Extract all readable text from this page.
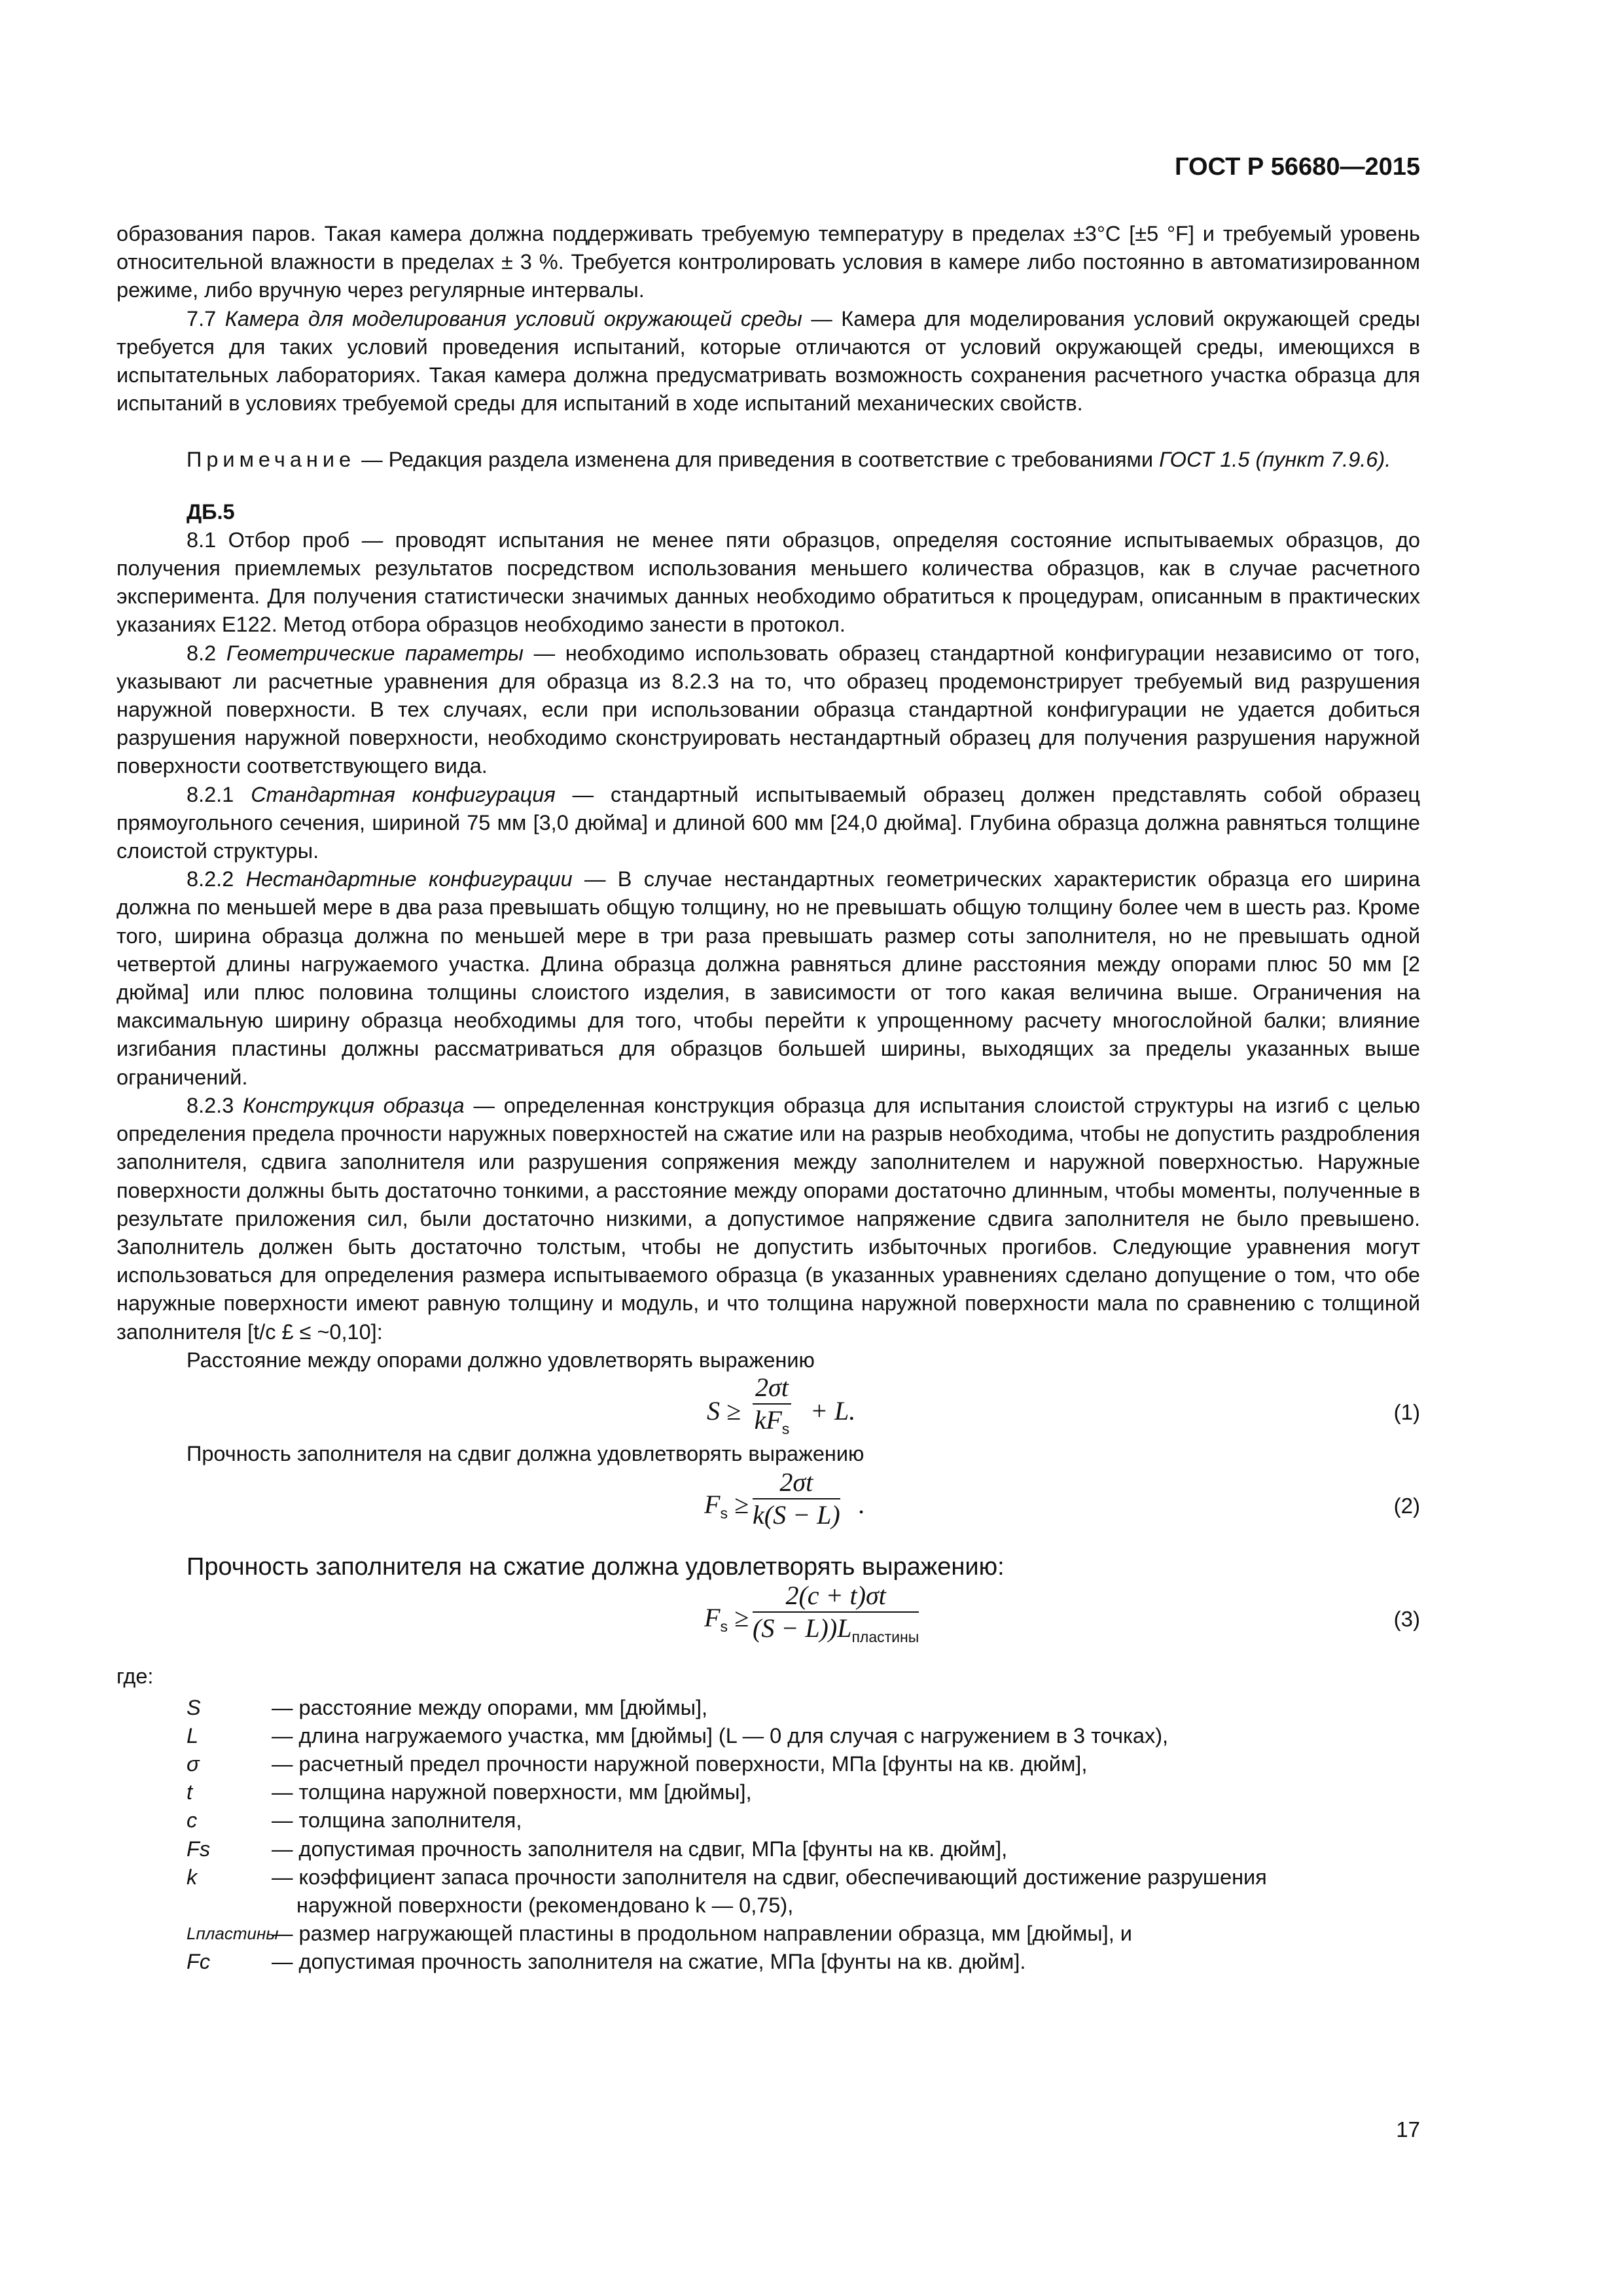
ГОСТ Р 56680—2015

образования паров. Такая камера должна поддерживать требуемую температуру в пределах ±3°С [±5 °F] и требуемый уровень относительной влажности в пределах ± 3 %. Требуется контролировать условия в камере либо постоянно в автоматизированном режиме, либо вручную через регулярные интервалы.

7.7 Камера для моделирования условий окружающей среды — Камера для моделирования условий окружающей среды требуется для таких условий проведения испытаний, которые отличаются от условий окружающей среды, имеющихся в испытательных лабораториях. Такая камера должна предусматривать возможность сохранения расчетного участка образца для испытаний в условиях требуемой среды для испытаний в ходе испытаний механических свойств.

Примечание — Редакция раздела изменена для приведения в соответствие с требованиями ГОСТ 1.5 (пункт 7.9.6).

ДБ.5

8.1 Отбор проб — проводят испытания не менее пяти образцов, определяя состояние испытываемых образцов, до получения приемлемых результатов посредством использования меньшего количества образцов, как в случае расчетного эксперимента. Для получения статистически значимых данных необходимо обратиться к процедурам, описанным в практических указаниях Е122. Метод отбора образцов необходимо занести в протокол.

8.2 Геометрические параметры — необходимо использовать образец стандартной конфигурации независимо от того, указывают ли расчетные уравнения для образца из 8.2.3 на то, что образец продемонстрирует требуемый вид разрушения наружной поверхности. В тех случаях, если при использовании образца стандартной конфигурации не удается добиться разрушения наружной поверхности, необходимо сконструировать нестандартный образец для получения разрушения наружной поверхности соответствующего вида.

8.2.1 Стандартная конфигурация — стандартный испытываемый образец должен представлять собой образец прямоугольного сечения, шириной 75 мм [3,0 дюйма] и длиной 600 мм [24,0 дюйма]. Глубина образца должна равняться толщине слоистой структуры.

8.2.2 Нестандартные конфигурации — В случае нестандартных геометрических характеристик образца его ширина должна по меньшей мере в два раза превышать общую толщину, но не превышать общую толщину более чем в шесть раз. Кроме того, ширина образца должна по меньшей мере в три раза превышать размер соты заполнителя, но не превышать одной четвертой длины нагружаемого участка. Длина образца должна равняться длине расстояния между опорами плюс 50 мм [2 дюйма] или плюс половина толщины слоистого изделия, в зависимости от того какая величина выше. Ограничения на максимальную ширину образца необходимы для того, чтобы перейти к упрощенному расчету многослойной балки; влияние изгибания пластины должны рассматриваться для образцов большей ширины, выходящих за пределы указанных выше ограничений.

8.2.3 Конструкция образца — определенная конструкция образца для испытания слоистой структуры на изгиб с целью определения предела прочности наружных поверхностей на сжатие или на разрыв необходима, чтобы не допустить раздробления заполнителя, сдвига заполнителя или разрушения сопряжения между заполнителем и наружной поверхностью. Наружные поверхности должны быть достаточно тонкими, а расстояние между опорами достаточно длинным, чтобы моменты, полученные в результате приложения сил, были достаточно низкими, а допустимое напряжение сдвига заполнителя не было превышено. Заполнитель должен быть достаточно толстым, чтобы не допустить избыточных прогибов. Следующие уравнения могут использоваться для определения размера испытываемого образца (в указанных уравнениях сделано допущение о том, что обе наружные поверхности имеют равную толщину и модуль, и что толщина наружной поверхности мала по сравнению с толщиной заполнителя [t/c £ ≤ ~0,10]:

Расстояние между опорами должно удовлетворять выражению
S ≥
2σt
$kF_s$
+ L.	(1)
Прочность заполнителя на сдвиг должна удовлетворять выражению
$F_s \ge \frac{2\sigma t}{k(S - L)}$ .	(2)
Прочность заполнителя на сжатие должна удовлетворять выражению:
$F_s$ ≥
2(c + t)σt
$(S - L))L_{пластины}$
(3)
где:
S	— расстояние между опорами, мм [дюймы],
L	— длина нагружаемого участка, мм [дюймы] (L — 0 для случая с нагружением в 3 точках),
σ	— расчетный предел прочности наружной поверхности, МПа [фунты на кв. дюйм],
t	— толщина наружной поверхности, мм [дюймы],
c	— толщина заполнителя,
Fs	— допустимая прочность заполнителя на сдвиг, МПа [фунты на кв. дюйм],
k	— коэффициент запаса прочности заполнителя на сдвиг, обеспечивающий достижение разрушения
наружной поверхности (рекомендовано k — 0,75),
Lпластины
— размер нагружающей пластины в продольном направлении образца, мм [дюймы], и
Fc	— допустимая прочность заполнителя на сжатие, МПа [фунты на кв. дюйм].
17
